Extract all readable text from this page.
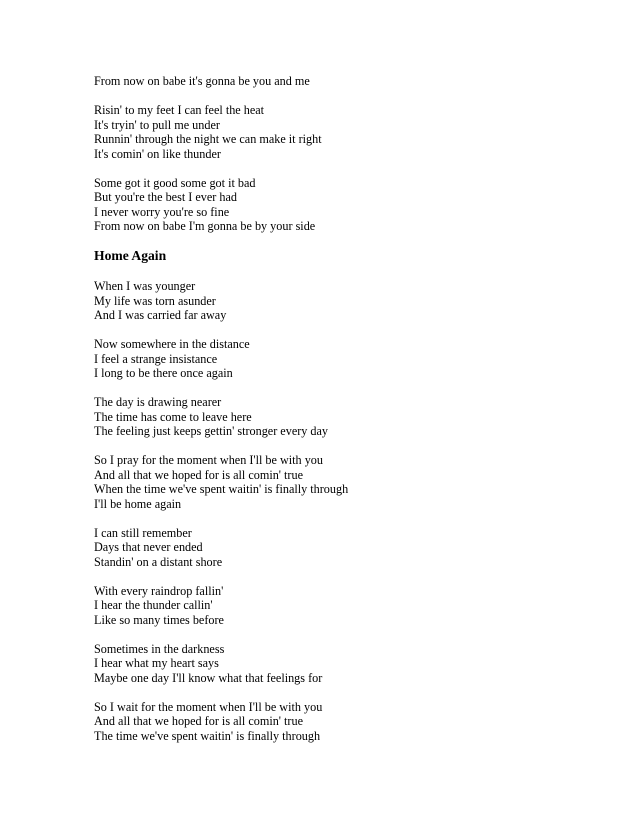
From now on babe it's gonna be you and me
Risin' to my feet I can feel the heat
It's tryin' to pull me under
Runnin' through the night we can make it right
It's comin' on like thunder
Some got it good some got it bad
But you're the best I ever had
I never worry you're so fine
From now on babe I'm gonna be by your side
Home Again
When I was younger
My life was torn asunder
And I was carried far away
Now somewhere in the distance
I feel a strange insistance
I long to be there once again
The day is drawing nearer
The time has come to leave here
The feeling just keeps gettin' stronger every day
So I pray for the moment when I'll be with you
And all that we hoped for is all comin' true
When the time we've spent waitin' is finally through
I'll be home again
I can still remember
Days that never ended
Standin' on a distant shore
With every raindrop fallin'
I hear the thunder callin'
Like so many times before
Sometimes in the darkness
I hear what my heart says
Maybe one day I'll know what that feelings for
So I wait for the moment when I'll be with you
And all that we hoped for is all comin' true
The time we've spent waitin' is finally through
